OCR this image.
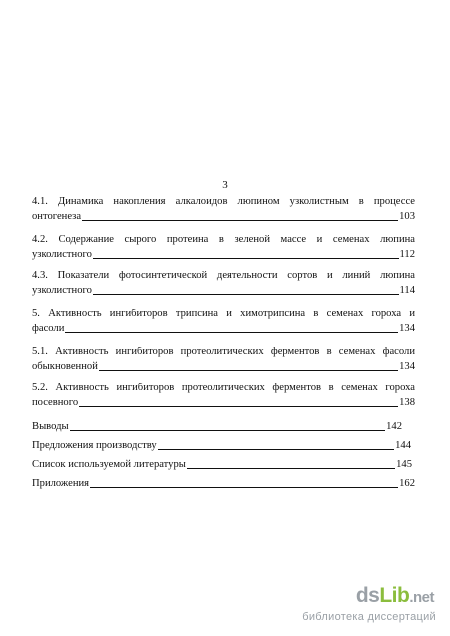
3
4.1. Динамика накопления алкалоидов люпином узколистным в процессе
онтогенеза	103
4.2. Содержание сырого протеина в зеленой массе и семенах люпина
узколистного	112
4.3. Показатели фотосинтетической деятельности сортов и линий люпина
узколистного	114
5. Активность ингибиторов трипсина и химотрипсина в семенах гороха и
фасоли	134
5.1. Активность ингибиторов протеолитических ферментов в семенах фасоли
обыкновенной	134
5.2. Активность ингибиторов протеолитических ферментов в семенах гороха
посевного	138
Выводы	142
Предложения производству	144
Список используемой литературы	145
Приложения	162
dsLib.net
библиотека диссертаций
